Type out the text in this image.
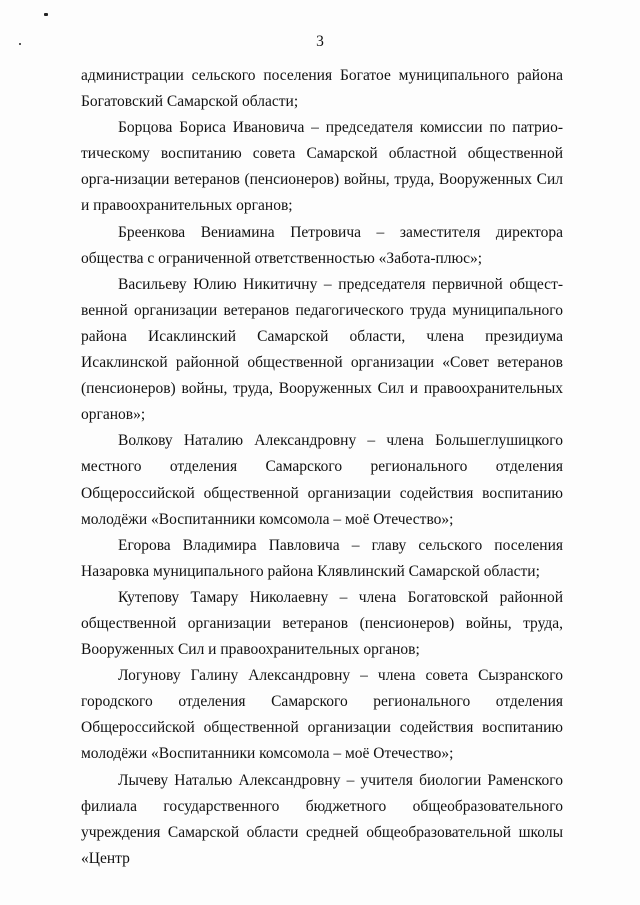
3

администрации сельского поселения Богатое муниципального района Богатовский Самарской области;

Борцова Бориса Ивановича – председателя комиссии по патрио-тическому воспитанию совета Самарской областной общественной орга-низации ветеранов (пенсионеров) войны, труда, Вооруженных Сил и правоохранительных органов;

Бреенкова Вениамина Петровича – заместителя директора общества с ограниченной ответственностью «Забота-плюс»;

Васильеву Юлию Никитичну – председателя первичной общест-венной организации ветеранов педагогического труда муниципального района Исаклинский Самарской области, члена президиума Исаклинской районной общественной организации «Совет ветеранов (пенсионеров) войны, труда, Вооруженных Сил и правоохранительных органов»;

Волкову Наталию Александровну – члена Большеглушицкого местного отделения Самарского регионального отделения Общероссийской общественной организации содействия воспитанию молодёжи «Воспитанники комсомола – моё Отечество»;

Егорова Владимира Павловича – главу сельского поселения Назаровка муниципального района Клявлинский Самарской области;

Кутепову Тамару Николаевну – члена Богатовской районной общественной организации ветеранов (пенсионеров) войны, труда, Вооруженных Сил и правоохранительных органов;

Логунову Галину Александровну – члена совета Сызранского городского отделения Самарского регионального отделения Общероссийской общественной организации содействия воспитанию молодёжи «Воспитанники комсомола – моё Отечество»;

Лычеву Наталью Александровну – учителя биологии Раменского филиала государственного бюджетного общеобразовательного учреждения Самарской области средней общеобразовательной школы «Центр
